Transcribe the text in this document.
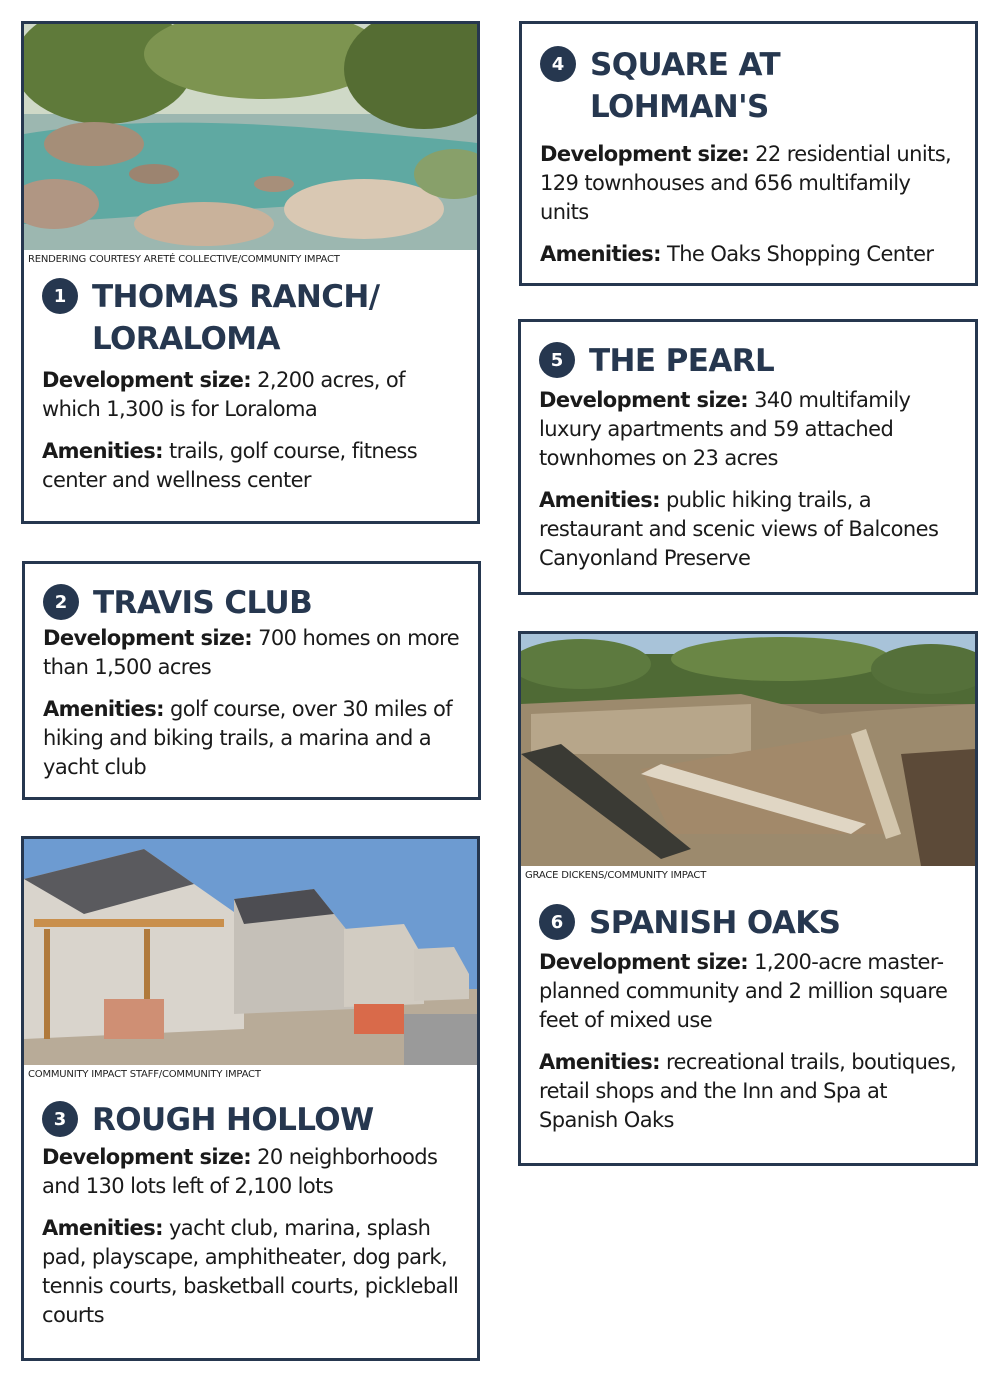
RENDERING COURTESY ARETÉ COLLECTIVE/COMMUNITY IMPACT
1 THOMAS RANCH/
LORALOMA
Development size: 2,200 acres, of which 1,300 is for Loraloma
Amenities: trails, golf course, fitness center and wellness center
2 TRAVIS CLUB
Development size: 700 homes on more than 1,500 acres
Amenities: golf course, over 30 miles of hiking and biking trails, a marina and a yacht club
COMMUNITY IMPACT STAFF/COMMUNITY IMPACT
3 ROUGH HOLLOW
Development size: 20 neighborhoods and 130 lots left of 2,100 lots
Amenities: yacht club, marina, splash pad, playscape, amphitheater, dog park, tennis courts, basketball courts, pickleball courts
4 SQUARE AT
LOHMAN'S
Development size: 22 residential units, 129 townhouses and 656 multifamily units
Amenities: The Oaks Shopping Center
5 THE PEARL
Development size: 340 multifamily luxury apartments and 59 attached townhomes on 23 acres
Amenities: public hiking trails, a restaurant and scenic views of Balcones Canyonland Preserve
GRACE DICKENS/COMMUNITY IMPACT
6 SPANISH OAKS
Development size: 1,200-acre master-planned community and 2 million square feet of mixed use
Amenities: recreational trails, boutiques, retail shops and the Inn and Spa at Spanish Oaks
